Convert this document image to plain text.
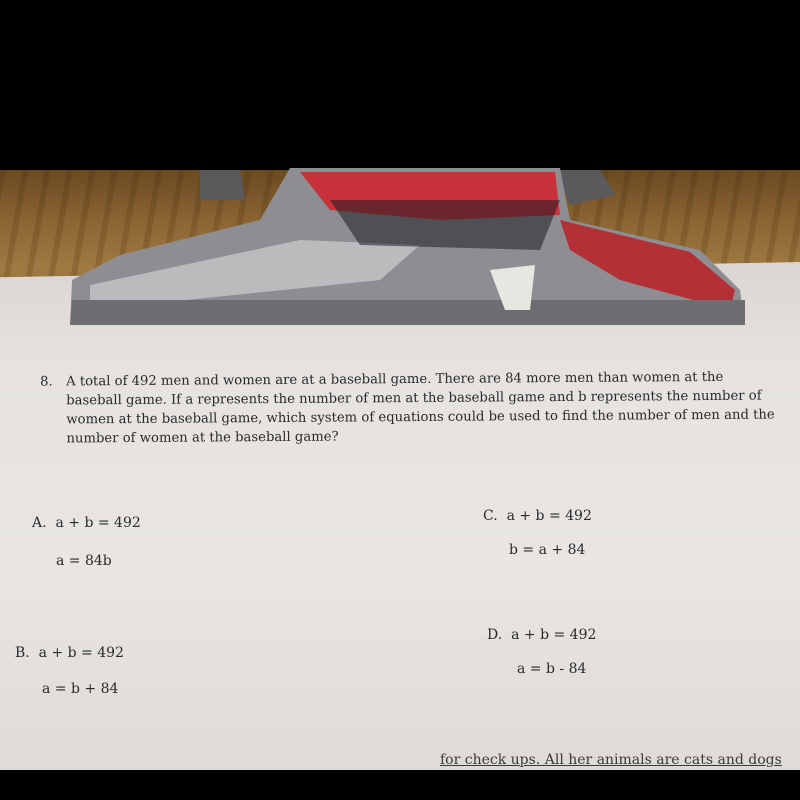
8. A total of 492 men and women are at a baseball game. There are 84 more men than women at the baseball game. If a represents the number of men at the baseball game and b represents the number of women at the baseball game, which system of equations could be used to find the number of men and the number of women at the baseball game?
A. a + b = 492
a = 84b
B. a + b = 492
a = b + 84
C. a + b = 492
b = a + 84
D. a + b = 492
a = b - 84
for check ups. All her animals are cats and dogs
